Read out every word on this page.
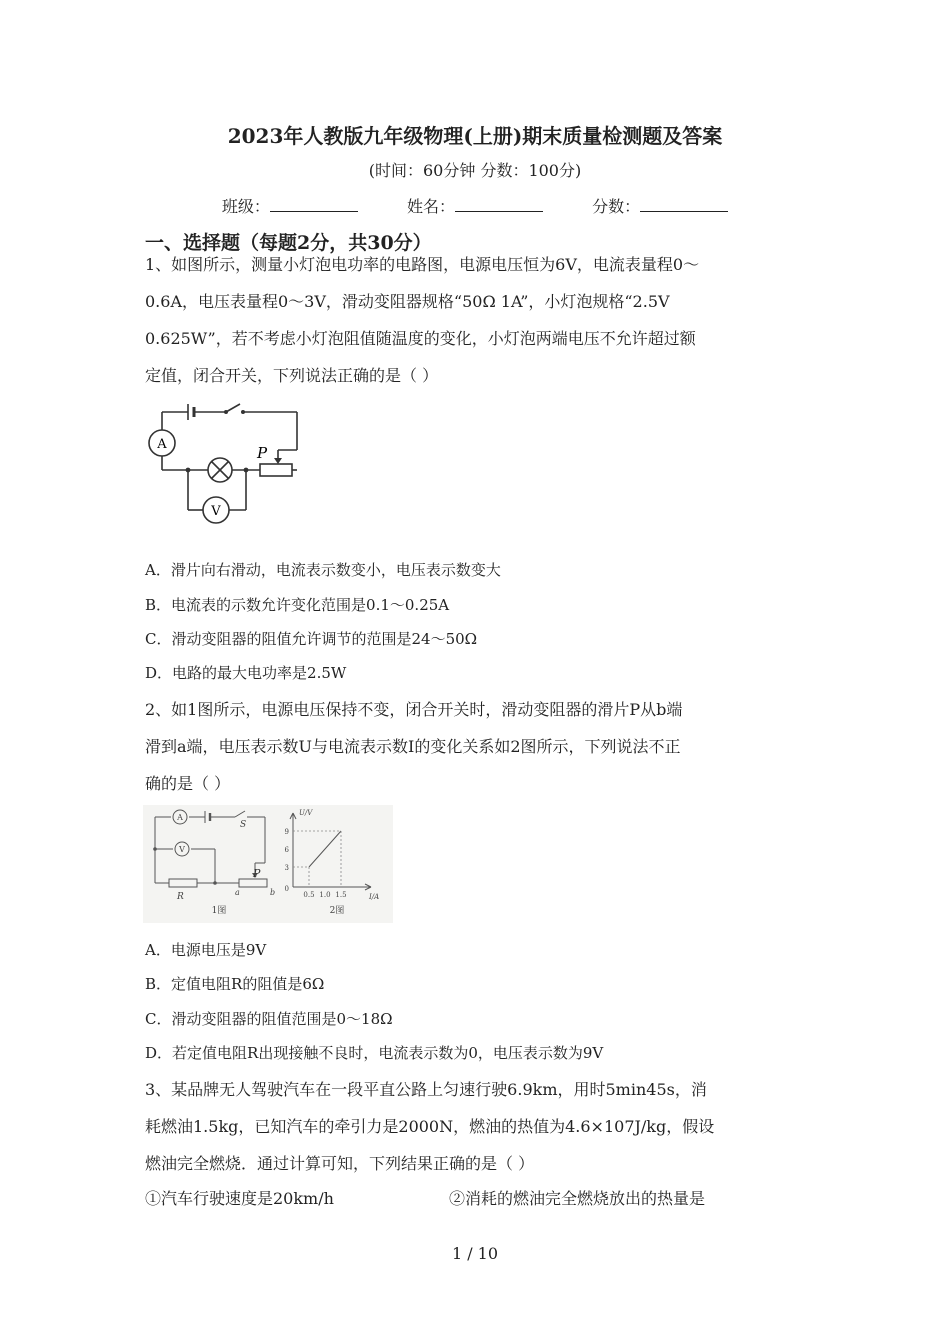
2023年人教版九年级物理(上册)期末质量检测题及答案
(时间：60分钟 分数：100分)
班级：	姓名：	分数：
一、选择题（每题2分，共30分）
1、如图所示，测量小灯泡电功率的电路图，电源电压恒为6V，电流表量程0～
0.6A，电压表量程0～3V，滑动变阻器规格“50Ω 1A”，小灯泡规格“2.5V
0.625W”，若不考虑小灯泡阻值随温度的变化，小灯泡两端电压不允许超过额
定值，闭合开关，下列说法正确的是（ ）
A
V
P
A．滑片向右滑动，电流表示数变小，电压表示数变大
B．电流表的示数允许变化范围是0.1～0.25A
C．滑动变阻器的阻值允许调节的范围是24～50Ω
D．电路的最大电功率是2.5W
2、如1图所示，电源电压保持不变，闭合开关时，滑动变阻器的滑片P从b端
滑到a端，电压表示数U与电流表示数I的变化关系如2图所示，下列说法不正
确的是（ ）
A
V
S
R
P
a	b
1图	2图
U/V
I/A
9
6
3
0
0.5 1.0 1.5
A．电源电压是9V
B．定值电阻R的阻值是6Ω
C．滑动变阻器的阻值范围是0～18Ω
D．若定值电阻R出现接触不良时，电流表示数为0，电压表示数为9V
3、某品牌无人驾驶汽车在一段平直公路上匀速行驶6.9km，用时5min45s，消
耗燃油1.5kg，已知汽车的牵引力是2000N，燃油的热值为4.6×107J/kg，假设
燃油完全燃烧．通过计算可知，下列结果正确的是（ ）
①汽车行驶速度是20km/h	②消耗的燃油完全燃烧放出的热量是
1 / 10
